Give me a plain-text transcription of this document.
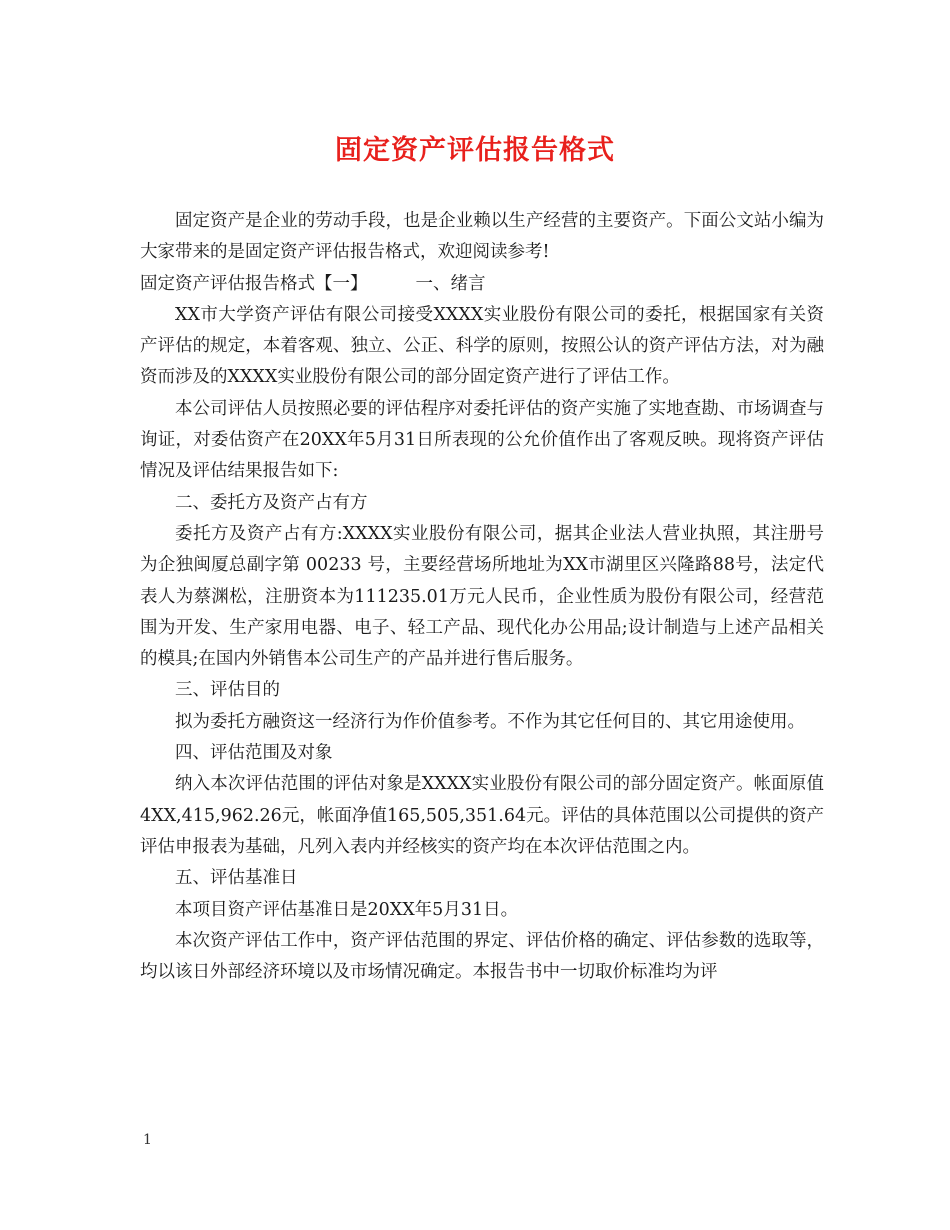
固定资产评估报告格式

固定资产是企业的劳动手段，也是企业赖以生产经营的主要资产。下面公文站小编为大家带来的是固定资产评估报告格式，欢迎阅读参考!

固定资产评估报告格式【一】	一、绪言

XX市大学资产评估有限公司接受XXXX实业股份有限公司的委托，根据国家有关资产评估的规定，本着客观、独立、公正、科学的原则，按照公认的资产评估方法，对为融资而涉及的XXXX实业股份有限公司的部分固定资产进行了评估工作。

本公司评估人员按照必要的评估程序对委托评估的资产实施了实地查勘、市场调查与询证，对委估资产在20XX年5月31日所表现的公允价值作出了客观反映。现将资产评估情况及评估结果报告如下:

二、委托方及资产占有方

委托方及资产占有方:XXXX实业股份有限公司，据其企业法人营业执照，其注册号为企独闽厦总副字第 00233 号，主要经营场所地址为XX市湖里区兴隆路88号，法定代表人为蔡渊松，注册资本为111235.01万元人民币，企业性质为股份有限公司，经营范围为开发、生产家用电器、电子、轻工产品、现代化办公用品;设计制造与上述产品相关的模具;在国内外销售本公司生产的产品并进行售后服务。

三、评估目的

拟为委托方融资这一经济行为作价值参考。不作为其它任何目的、其它用途使用。

四、评估范围及对象

纳入本次评估范围的评估对象是XXXX实业股份有限公司的部分固定资产。帐面原值4XX,415,962.26元，帐面净值165,505,351.64元。评估的具体范围以公司提供的资产评估申报表为基础，凡列入表内并经核实的资产均在本次评估范围之内。

五、评估基准日

本项目资产评估基准日是20XX年5月31日。

本次资产评估工作中，资产评估范围的界定、评估价格的确定、评估参数的选取等，均以该日外部经济环境以及市场情况确定。本报告书中一切取价标准均为评

1
